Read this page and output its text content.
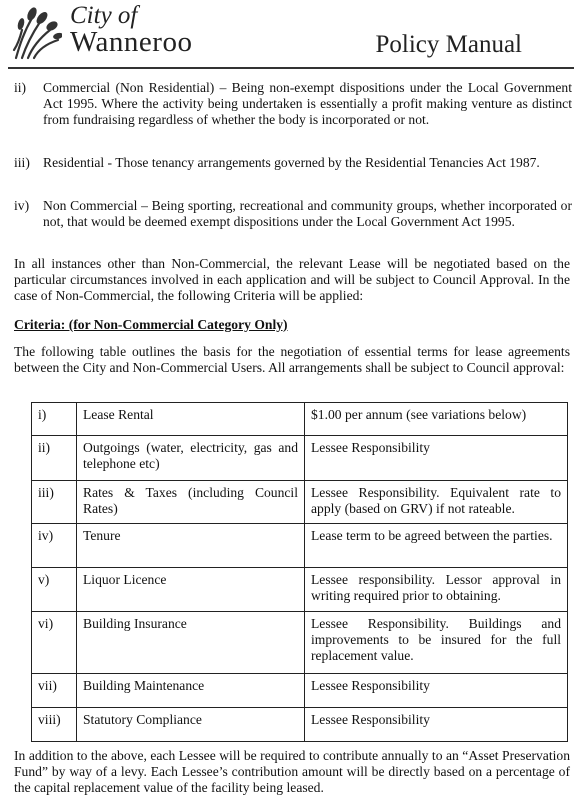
City of
Wanneroo	Policy Manual
ii) Commercial (Non Residential) – Being non-exempt dispositions under the Local Government Act 1995. Where the activity being undertaken is essentially a profit making venture as distinct from fundraising regardless of whether the body is incorporated or not.
iii) Residential - Those tenancy arrangements governed by the Residential Tenancies Act 1987.
iv) Non Commercial – Being sporting, recreational and community groups, whether incorporated or not, that would be deemed exempt dispositions under the Local Government Act 1995.
In all instances other than Non-Commercial, the relevant Lease will be negotiated based on the particular circumstances involved in each application and will be subject to Council Approval. In the case of Non-Commercial, the following Criteria will be applied:
Criteria: (for Non-Commercial Category Only)
The following table outlines the basis for the negotiation of essential terms for lease agreements between the City and Non-Commercial Users. All arrangements shall be subject to Council approval:
i)	Lease Rental	$1.00 per annum (see variations below)
ii)	Outgoings (water, electricity, gas and telephone etc)	Lessee Responsibility
iii)	Rates & Taxes (including Council Rates)	Lessee Responsibility. Equivalent rate to apply (based on GRV) if not rateable.
iv)	Tenure	Lease term to be agreed between the parties.
v)	Liquor Licence	Lessee responsibility. Lessor approval in writing required prior to obtaining.
vi)	Building Insurance	Lessee Responsibility. Buildings and improvements to be insured for the full replacement value.
vii)	Building Maintenance	Lessee Responsibility
viii)	Statutory Compliance	Lessee Responsibility
In addition to the above, each Lessee will be required to contribute annually to an “Asset Preservation Fund” by way of a levy. Each Lessee’s contribution amount will be directly based on a percentage of the capital replacement value of the facility being leased.
